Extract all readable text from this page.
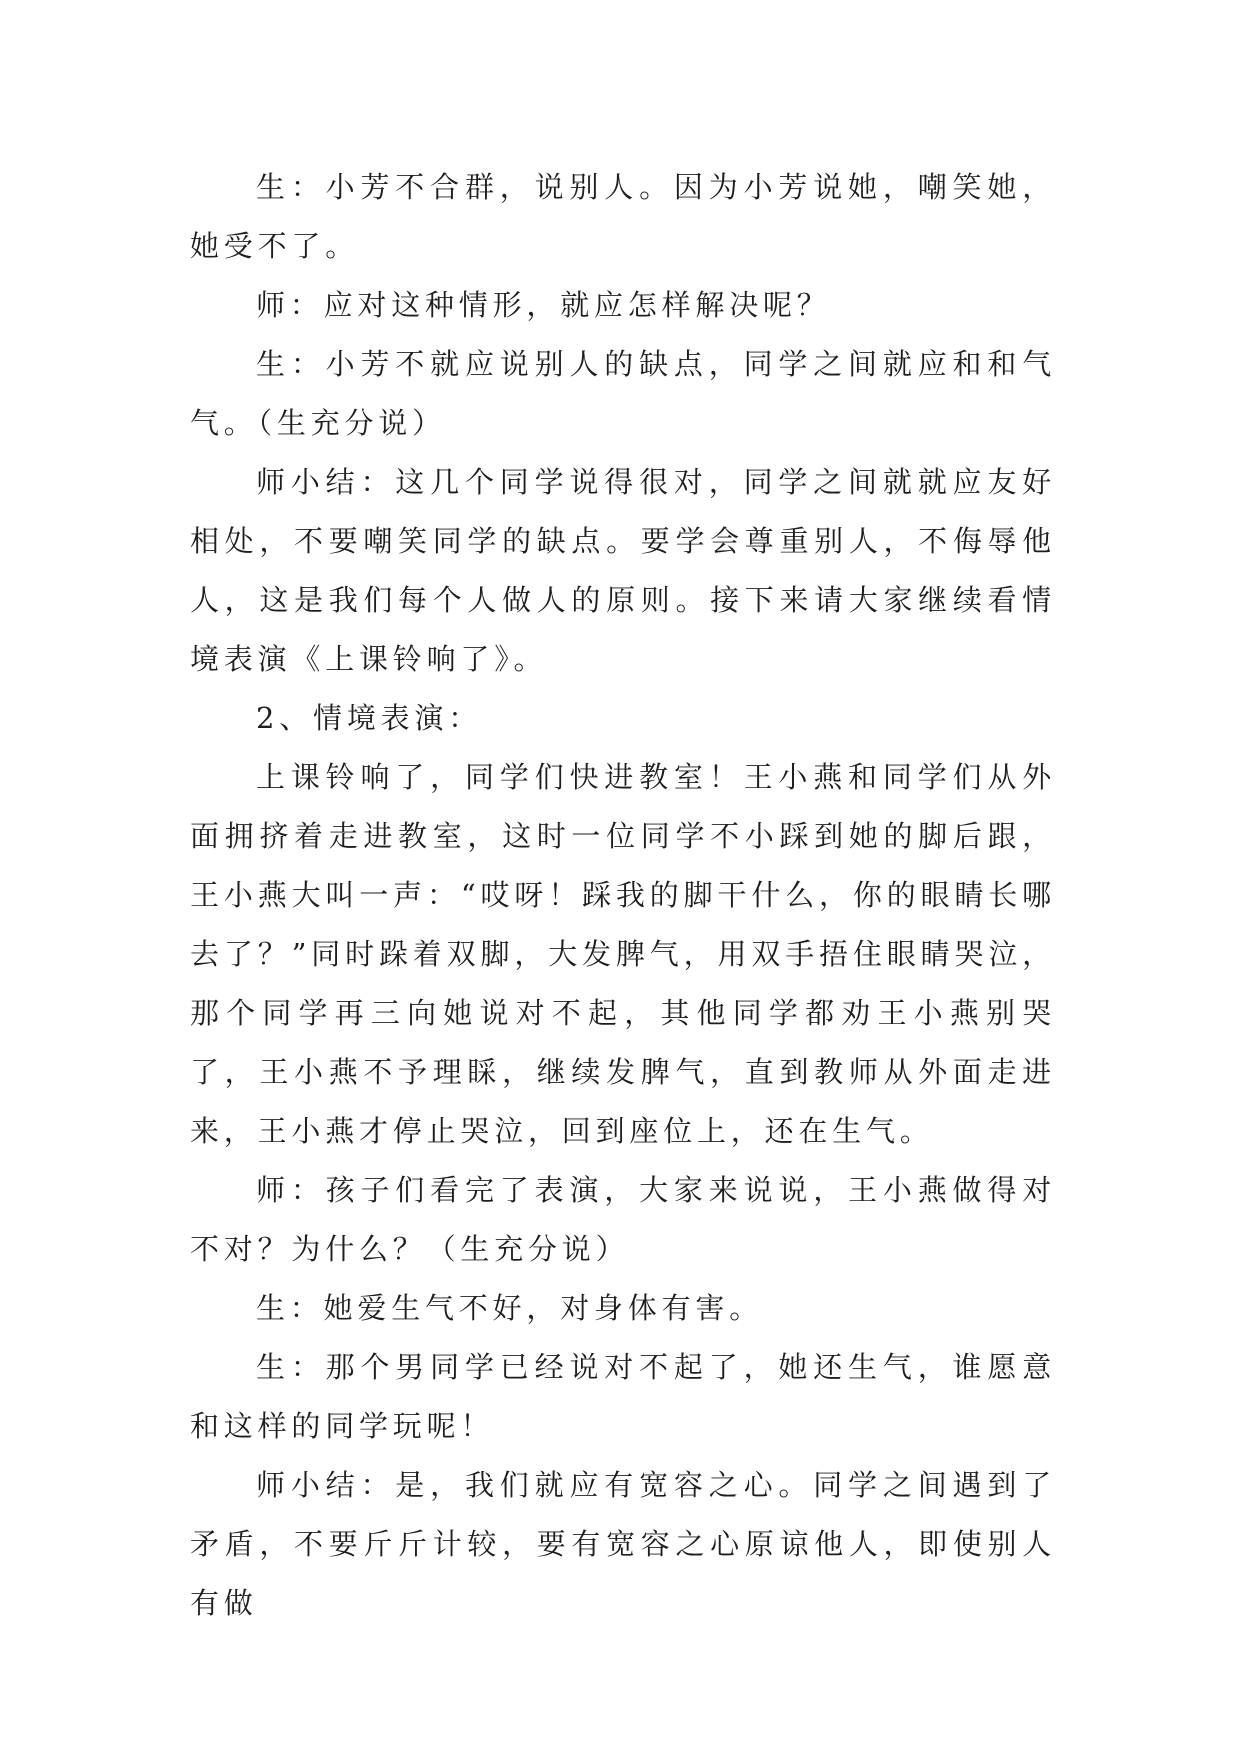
生：小芳不合群，说别人。因为小芳说她，嘲笑她，她受不了。

师：应对这种情形，就应怎样解决呢？

生：小芳不就应说别人的缺点，同学之间就应和和气气。（生充分说）

师小结：这几个同学说得很对，同学之间就就应友好相处，不要嘲笑同学的缺点。要学会尊重别人，不侮辱他人，这是我们每个人做人的原则。接下来请大家继续看情境表演《上课铃响了》。

2、情境表演：

上课铃响了，同学们快进教室！王小燕和同学们从外面拥挤着走进教室，这时一位同学不小踩到她的脚后跟，王小燕大叫一声：“哎呀！踩我的脚干什么，你的眼睛长哪去了？”同时跺着双脚，大发脾气，用双手捂住眼睛哭泣，那个同学再三向她说对不起，其他同学都劝王小燕别哭了，王小燕不予理睬，继续发脾气，直到教师从外面走进来，王小燕才停止哭泣，回到座位上，还在生气。

师：孩子们看完了表演，大家来说说，王小燕做得对不对？为什么？（生充分说）

生：她爱生气不好，对身体有害。

生：那个男同学已经说对不起了，她还生气，谁愿意和这样的同学玩呢！

师小结：是，我们就应有宽容之心。同学之间遇到了矛盾，不要斤斤计较，要有宽容之心原谅他人，即使别人有做
